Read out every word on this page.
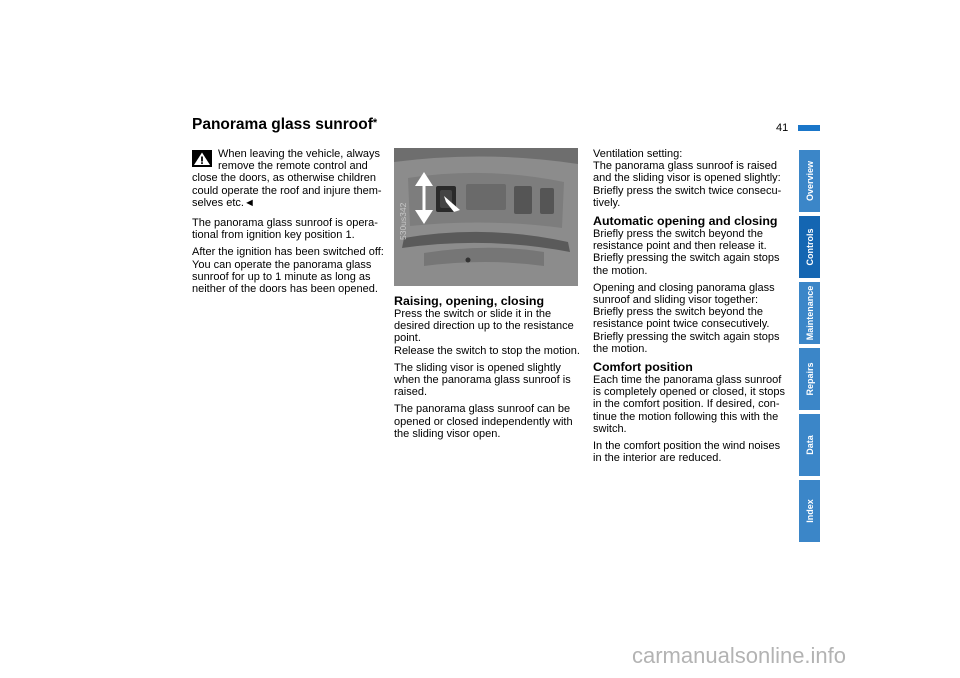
Panorama glass sunroof*	41

When leaving the vehicle, always remove the remote control and

close the doors, as otherwise children could operate the roof and injure them-selves etc.◄

The panorama glass sunroof is opera-tional from ignition key position 1.

After the ignition has been switched off: You can operate the panorama glass sunroof for up to 1 minute as long as neither of the doors has been opened.

530us342
Raising, opening, closing

Press the switch or slide it in the desired direction up to the resistance point.

Release the switch to stop the motion.

The sliding visor is opened slightly when the panorama glass sunroof is raised.

The panorama glass sunroof can be opened or closed independently with the sliding visor open.

Ventilation setting:

The panorama glass sunroof is raised and the sliding visor is opened slightly: Briefly press the switch twice consecu-tively.

Automatic opening and closing

Briefly press the switch beyond the resistance point and then release it. Briefly pressing the switch again stops the motion.

Opening and closing panorama glass sunroof and sliding visor together: Briefly press the switch beyond the resistance point twice consecutively. Briefly pressing the switch again stops the motion.

Comfort position

Each time the panorama glass sunroof is completely opened or closed, it stops in the comfort position. If desired, con-tinue the motion following this with the switch.

In the comfort position the wind noises in the interior are reduced.

Overview
Controls
Maintenance
Repairs
Data
Index
carmanualsonline.info
